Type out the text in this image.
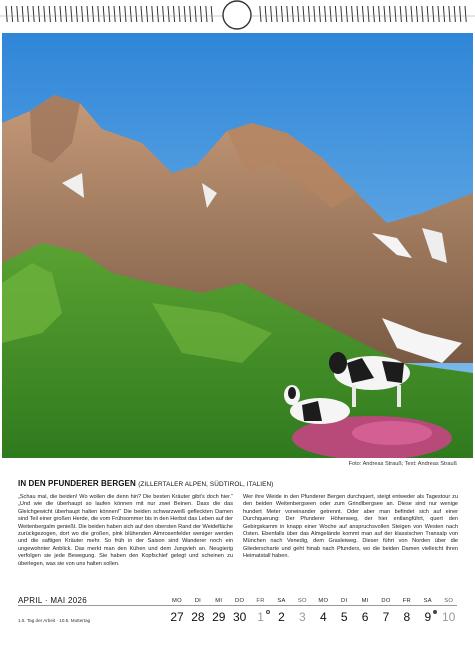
Foto: Andreas Strauß; Text: Andreas Strauß
IN DEN PFUNDERER BERGEN (ZILLERTALER ALPEN, SÜDTIROL, ITALIEN)

„Schau mal, die beiden! Wo wollen die denn hin? Die besten Kräuter gibt’s doch hier.“ „Und wie die überhaupt so laufen können mit nur zwei Beinen. Dass die das Gleichgewicht überhaupt halten können!“ Die beiden schwarzweiß gefleckten Damen sind Teil einer großen Herde, die vom Frühsommer bis in den Herbst das Leben auf der Weitenbergalm genießt. Die beiden haben sich auf den obersten Rand der Weidefläche zurückgezogen, dort wo die großen, pink blühenden Almrosenfelder weniger werden und die saftigen Kräuter mehr. So früh in der Saison sind Wanderer noch ein ungewohnter Anblick. Das merkt man den Kühen und dem Jungvieh an. Neugierig verfolgen sie jede Bewegung. Sie haben den Kopfschief gelegt und scheinen zu überlegen, was sie von uns halten sollen.

Wer ihre Weide in den Pfunderer Bergen durchquert, steigt entweder als Tagestour zu den beiden Weitenbergseen oder zum Grindlbergsee an. Diese sind nur wenige hundert Meter voneinander getrennt. Oder aber man befindet sich auf einer Durchquerung: Der Pfunderer Höhenweg, der hier entlangführt, quert den Gebirgskamm in knapp einer Woche auf anspruchsvollen Steigen von Westen nach Osten. Ebenfalls über das Almgelände kommt man auf der klassischen Transalp von München nach Venedig, dem Grasleiweg. Dieser führt von Norden über die Gliederscharte und geht hinab nach Pfunders, wo die beiden Damen vielleicht ihren Heimatstall haben.

APRIL · MAI 2026
1.5. Tag der Arbeit · 10.5. Muttertag
MO
27
DI
28
MI
29
DO
30
FR
1
SA
2
SO
3
MO
4
DI
5
MI
6
DO
7
FR
8
SA
9
SO
10
